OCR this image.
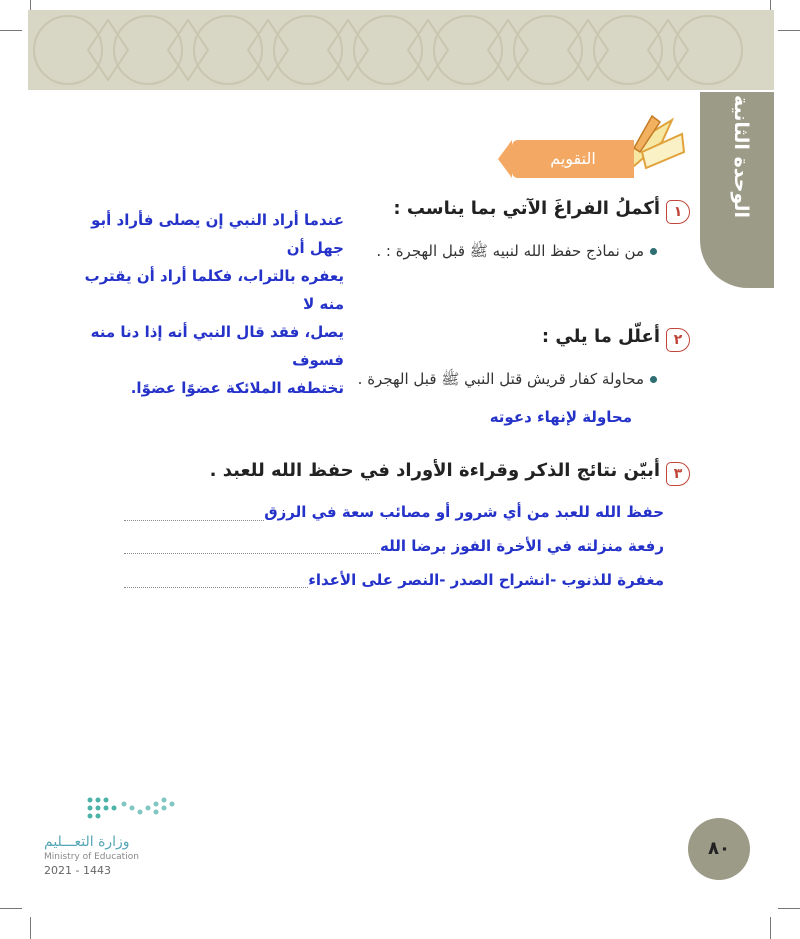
الوحدة الثانية
التقويم
١
أكملُ الفراغَ الآتي بما يناسب :
من نماذج حفظ الله لنبيه ﷺ قبل الهجرة : .
عندما أراد النبي إن يصلى فأراد أبو جهل أن
يعفره بالتراب، فكلما أراد أن يقترب منه لا
يصل، فقد قال النبي أنه إذا دنا منه فسوف
تختطفه الملائكة عضوًا عضوًا.
٢
أعلّل ما يلي :
محاولة كفار قريش قتل النبي ﷺ قبل الهجرة .
محاولة لإنهاء دعوته
٣
أبيّن نتائج الذكر وقراءة الأوراد في حفظ الله للعبد .
حفظ الله للعبد من أي شرور أو مصائب سعة في الرزق
رفعة منزلته في الأخرة الفوز برضا الله
مغفرة للذنوب -انشراح الصدر -النصر على الأعداء
وزارة التعـــليم
Ministry of Education
2021 - 1443
٨٠
